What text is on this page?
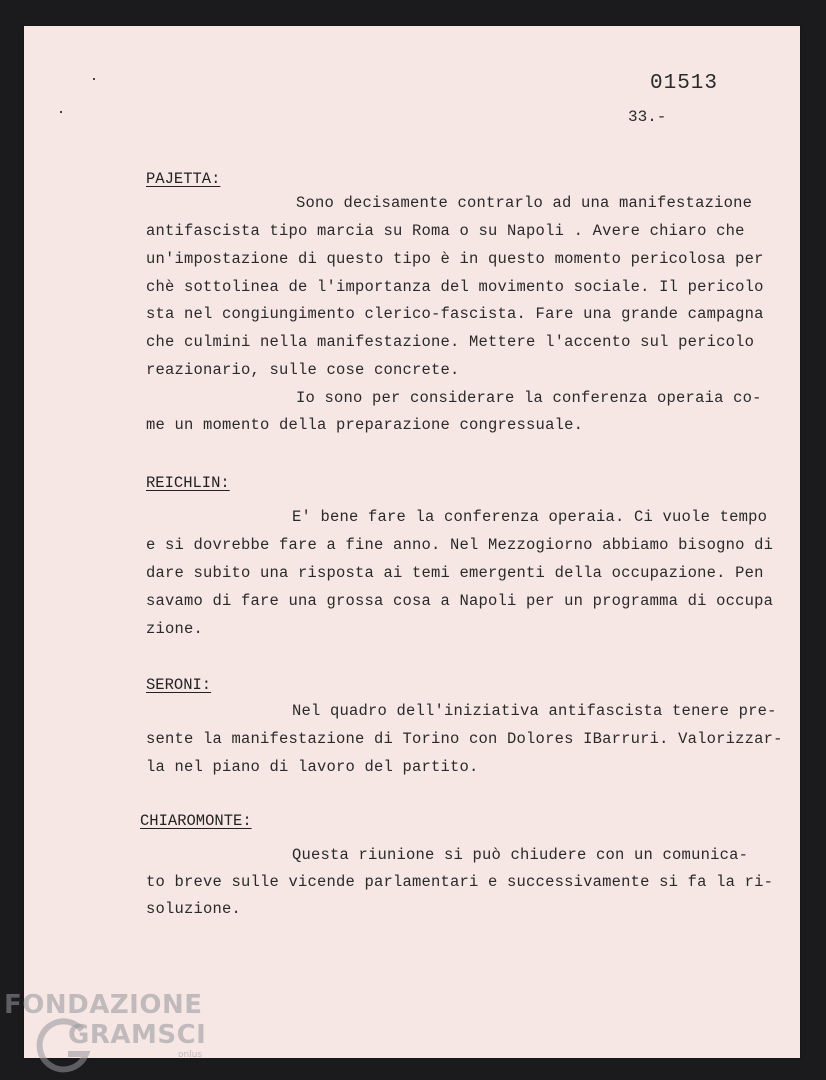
01513
33.-
PAJETTA:
Sono decisamente contrarlo ad una manifestazione
antifascista tipo marcia su Roma o su Napoli . Avere chiaro che
un'impostazione di questo tipo è in questo momento pericolosa per
chè sottolinea de l'importanza del movimento sociale. Il pericolo
sta nel congiungimento clerico-fascista. Fare una grande campagna
che culmini nella manifestazione. Mettere l'accento sul pericolo
reazionario, sulle cose concrete.
Io sono per considerare la conferenza operaia co-
me un momento della preparazione congressuale.
REICHLIN:
E' bene fare la conferenza operaia. Ci vuole tempo
e si dovrebbe fare a fine anno. Nel Mezzogiorno abbiamo bisogno di
dare subito una risposta ai temi emergenti della occupazione. Pen
savamo di fare una grossa cosa a Napoli per un programma di occupa
zione.
SERONI:
Nel quadro dell'iniziativa antifascista tenere pre-
sente la manifestazione di Torino con Dolores IBarruri. Valorizzar-
la nel piano di lavoro del partito.
CHIAROMONTE:
Questa riunione si può chiudere con un comunica-
to breve sulle vicende parlamentari e successivamente si fa la ri-
soluzione.
FONDAZIONE
GRAMSCI
onlus
